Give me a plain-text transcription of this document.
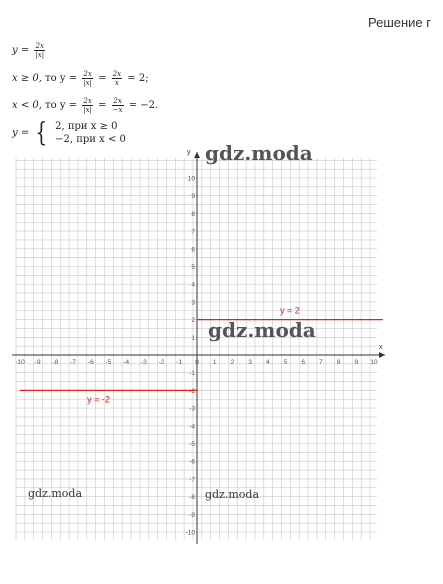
Решение г
$y = \frac{2x}{|x|}$
x ≥ 0, то $y = \frac{2x}{|x|} = \frac{2x}{x} = 2$;
x < 0, то $y = \frac{2x}{|x|} = \frac{2x}{-x} = -2$.
y = { 2, при x ≥ 0
−2, при x < 0
x
y
-10 -9 -8 -7 -6 -5 -4 -3 -2 -1 0 1 2 3 4 5 6 7 8 9 10
-10
-9
-8
-7
-6
-5
-4
-3
-2
-1
1
2
3
4
5
6
7
8
9
10
y = 2
y = -2
gdz.moda
gdz.moda
gdz.moda	gdz.moda
